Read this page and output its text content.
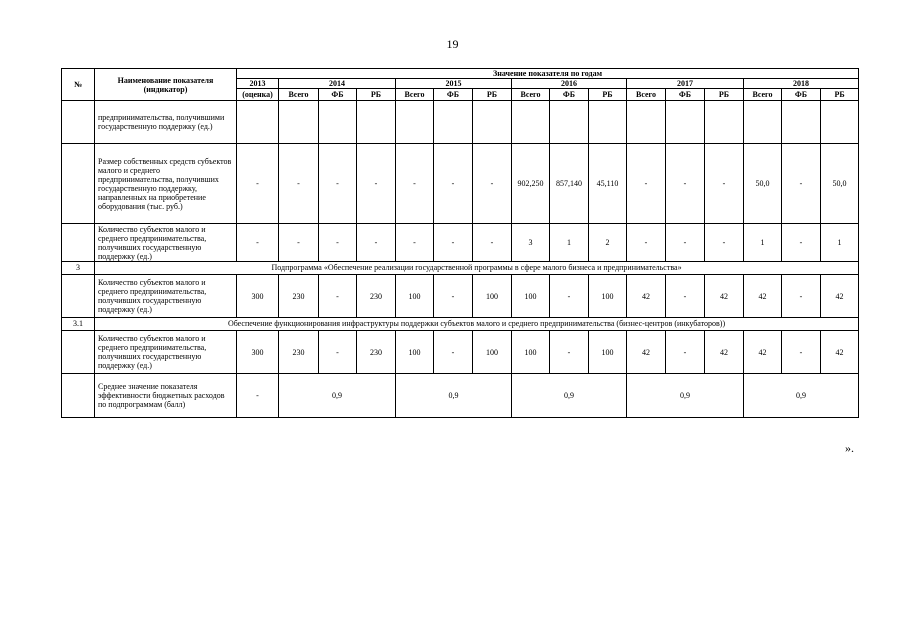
19
№	Наименование показателя (индикатор)	Значение показателя по годам															
		2013	2014			2015			2016			2017			2018		
		(оценка)	Всего	ФБ	РБ	Всего	ФБ	РБ	Всего	ФБ	РБ	Всего	ФБ	РБ	Всего	ФБ	РБ
	предпринимательства, получившими государственную поддержку (ед.)																
	Размер собственных средств субъектов малого и среднего предпринимательства, получивших государственную поддержку, направленных на приобретение оборудования (тыс. руб.)	-	-	-	-	-	-	-	902,250	857,140	45,110	-	-	-	50,0	-	50,0
	Количество субъектов малого и среднего предпринимательства, получивших государственную поддержку (ед.)	-	-	-	-	-	-	-	3	1	2	-	-	-	1	-	1
3	Подпрограмма «Обеспечение реализации государственной программы в сфере малого бизнеса и предпринимательства»																
	Количество субъектов малого и среднего предпринимательства, получивших государственную поддержку (ед.)	300	230	-	230	100	-	100	100	-	100	42	-	42	42	-	42
3.1	Обеспечение функционирования инфраструктуры поддержки субъектов малого и среднего предпринимательства (бизнес-центров (инкубаторов))																
	Количество субъектов малого и среднего предпринимательства, получивших государственную поддержку (ед.)	300	230	-	230	100	-	100	100	-	100	42	-	42	42	-	42
	Среднее значение показателя эффективности бюджетных расходов по подпрограммам (балл)	-	0,9			0,9			0,9			0,9			0,9		
».
